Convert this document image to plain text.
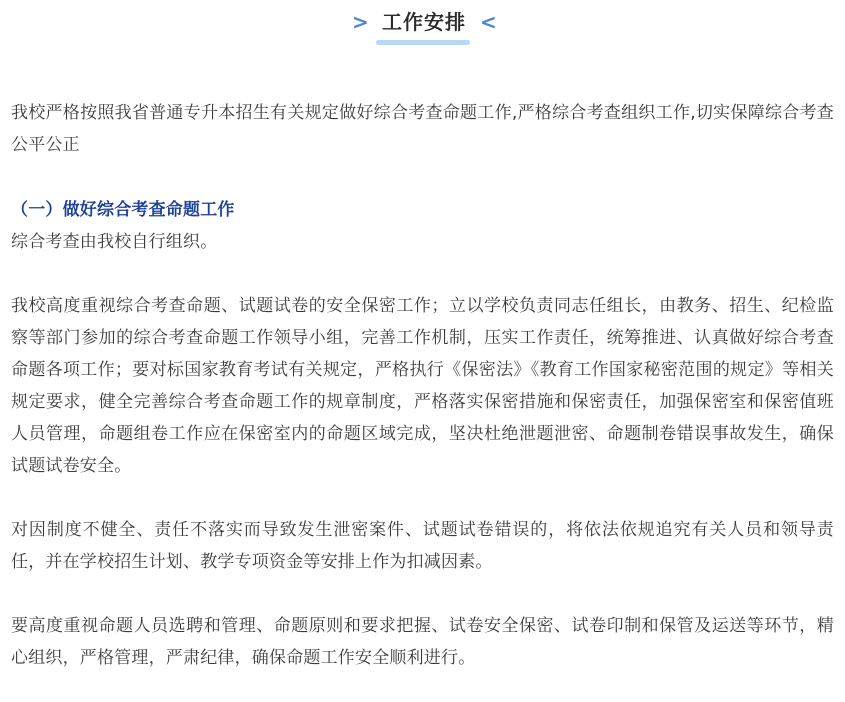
> 工作安排 <

我校严格按照我省普通专升本招生有关规定做好综合考查命题工作,严格综合考查组织工作,切实保障综合考查公平公正

（一）做好综合考查命题工作

综合考查由我校自行组织。

我校高度重视综合考查命题、试题试卷的安全保密工作；立以学校负责同志任组长，由教务、招生、纪检监察等部门参加的综合考查命题工作领导小组，完善工作机制，压实工作责任，统筹推进、认真做好综合考查命题各项工作；要对标国家教育考试有关规定，严格执行《保密法》《教育工作国家秘密范围的规定》等相关规定要求，健全完善综合考查命题工作的规章制度，严格落实保密措施和保密责任，加强保密室和保密值班人员管理，命题组卷工作应在保密室内的命题区域完成，坚决杜绝泄题泄密、命题制卷错误事故发生，确保试题试卷安全。

对因制度不健全、责任不落实而导致发生泄密案件、试题试卷错误的，将依法依规追究有关人员和领导责任，并在学校招生计划、教学专项资金等安排上作为扣减因素。

要高度重视命题人员选聘和管理、命题原则和要求把握、试卷安全保密、试卷印制和保管及运送等环节，精心组织，严格管理，严肃纪律，确保命题工作安全顺利进行。
